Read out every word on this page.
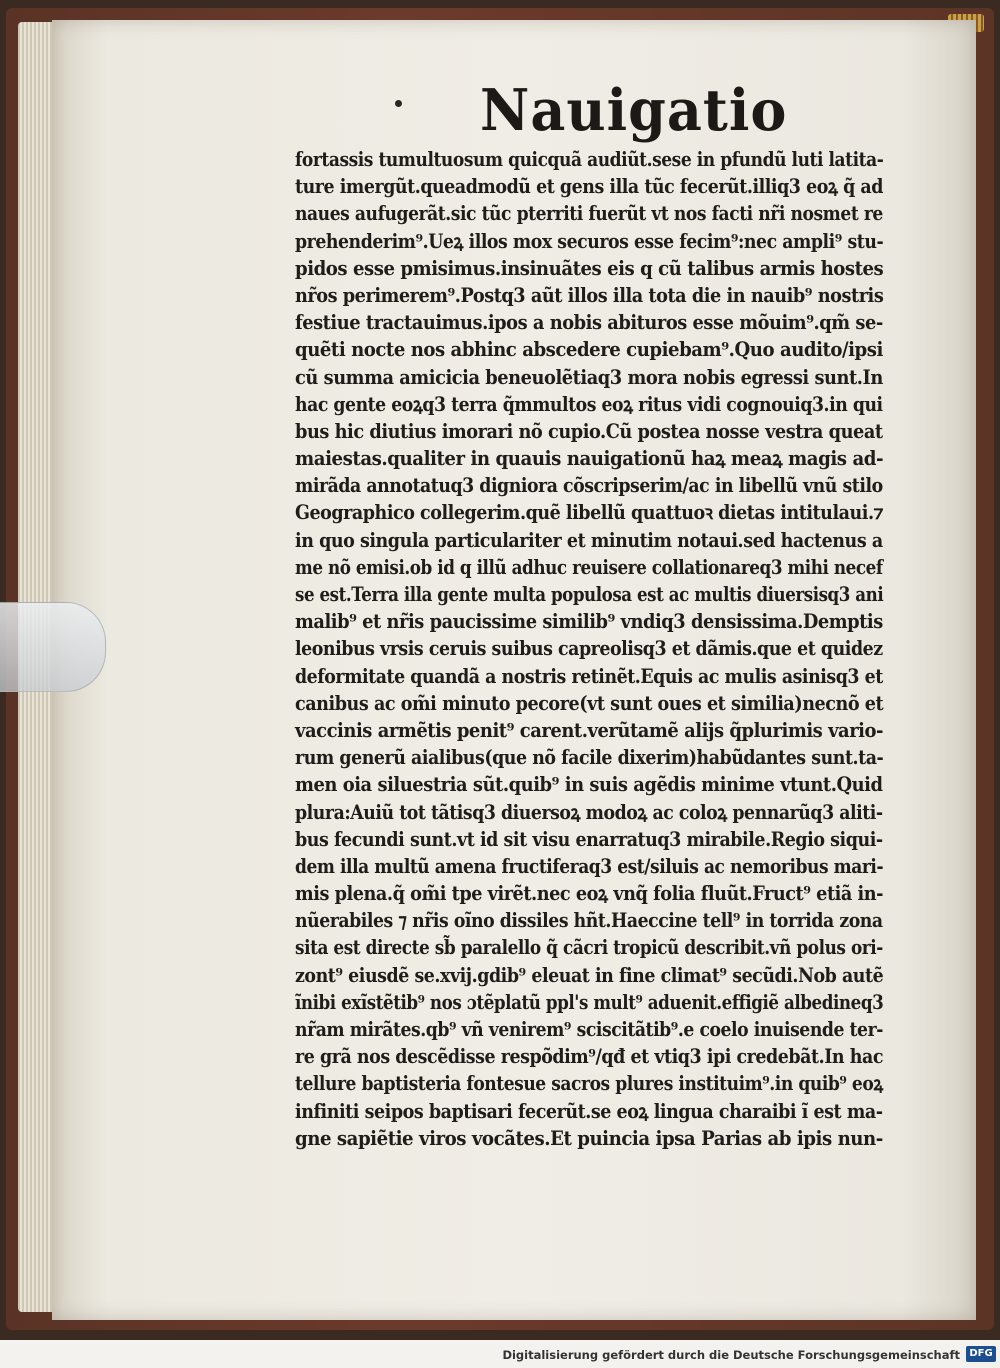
Nauigatio
fortassis tumultuosum quicquã audiũt.sese in pfundũ luti latita-
ture imergũt.queadmodũ et gens illa tũc fecerũt.illiq3 eoꝝ q̃ ad
naues aufugerãt.sic tũc pterriti fuerũt vt nos facti nr̃i nosmet re
prehenderim⁹.Ueꝝ illos mox securos esse fecim⁹:nec ampli⁹ stu-
pidos esse pmisimus.insinuãtes eis q cũ talibus armis hostes
nr̃os perimerem⁹.Postq3 aũt illos illa tota die in nauib⁹ nostris
festiue tractauimus.ipos a nobis abituros esse mõuim⁹.qm̃ se-
quẽti nocte nos abhinc abscedere cupiebam⁹.Quo audito/ipsi
cũ summa amicicia beneuolẽtiaq3 mora nobis egressi sunt.In
hac gente eoꝝq3 terra q̃mmultos eoꝝ ritus vidi cognouiq3.in qui
bus hic diutius imorari nõ cupio.Cũ postea nosse vestra queat
maiestas.qualiter in quauis nauigationũ haꝝ meaꝝ magis ad-
mirãda annotatuq3 digniora cõscripserim/ac in libellũ vnũ stilo
Geographico collegerim.quẽ libellũ quattuoꝛ dietas intitulaui.⁊
in quo singula particulariter et minutim notaui.sed hactenus a
me nõ emisi.ob id q illũ adhuc reuisere collationareq3 mihi necef
se est.Terra illa gente multa populosa est ac multis diuersisq3 ani
malib⁹ et nr̃is paucissime similib⁹ vndiq3 densissima.Demptis
leonibus vrsis ceruis suibus capreolisq3 et dãmis.que et quidez
deformitate quandã a nostris retinẽt.Equis ac mulis asinisq3 et
canibus ac om̃i minuto pecore(vt sunt oues et similia)necnõ et
vaccinis armẽtis penit⁹ carent.verũtamẽ alijs q̃plurimis vario-
rum generũ aialibus(que nõ facile dixerim)habũdantes sunt.ta-
men oia siluestria sũt.quib⁹ in suis agẽdis minime vtunt.Quid
plura:Auiũ tot tãtisq3 diuersoꝝ modoꝝ ac coloꝝ pennarũq3 aliti-
bus fecundi sunt.vt id sit visu enarratuq3 mirabile.Regio siqui-
dem illa multũ amena fructiferaq3 est/siluis ac nemoribus mari-
mis plena.q̃ om̃i tpe virẽt.nec eoꝝ vnq̃ folia fluũt.Fruct⁹ etiã in-
nũerabiles ⁊ nr̃is oĩno dissiles hñt.Haeccine tell⁹ in torrida zona
sita est directe sb̃ paralello q̃ cãcri tropicũ describit.vñ polus ori-
zont⁹ eiusdẽ se.xvij.gdib⁹ eleuat in fine climat⁹ secũdi.Nob autẽ
ĩnibi exĩstẽtib⁹ nos ɔtẽplatũ ppl's mult⁹ aduenit.effigiẽ albedineq3
nr̃am mirãtes.qb⁹ vñ venirem⁹ sciscitãtib⁹.e coelo inuisende ter-
re grã nos descẽdisse respõdim⁹/qđ et vtiq3 ipi credebãt.In hac
tellure baptisteria fontesue sacros plures instituim⁹.in quib⁹ eoꝝ
infiniti seipos baptisari fecerũt.se eoꝝ lingua charaibi ĩ est ma-
gne sapiẽtie viros vocãtes.Et puincia ipsa Parias ab ipis nun-
Digitalisierung gefördert durch die Deutsche Forschungsgemeinschaft DFG
